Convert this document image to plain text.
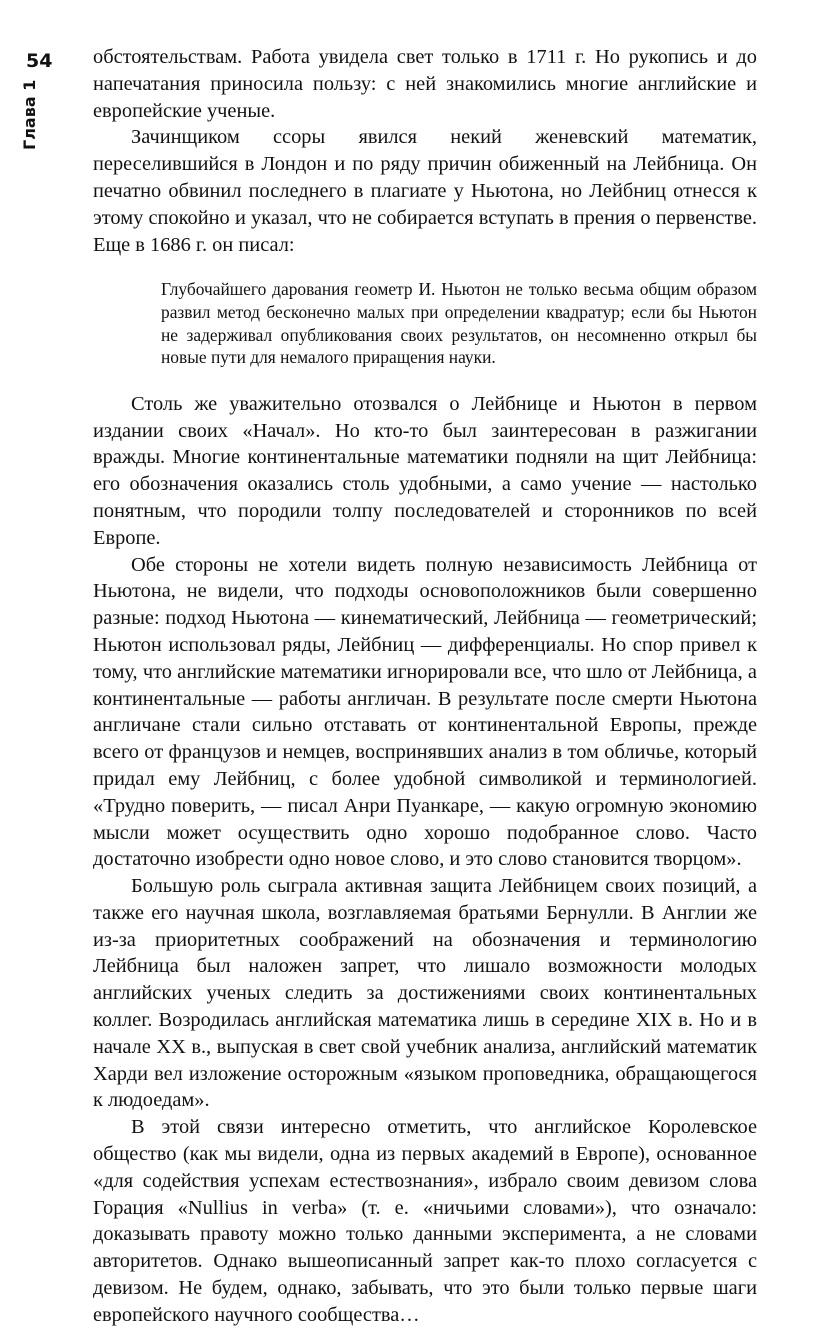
54
Глава 1

обстоятельствам. Работа увидела свет только в 1711 г. Но рукопись и до напечатания приносила пользу: с ней знакомились многие английские и европейские ученые.

Зачинщиком ссоры явился некий женевский математик, переселившийся в Лондон и по ряду причин обиженный на Лейбница. Он печатно обвинил последнего в плагиате у Ньютона, но Лейбниц отнесся к этому спокойно и указал, что не собирается вступать в прения о первенстве. Еще в 1686 г. он писал:

Глубочайшего дарования геометр И. Ньютон не только весьма общим образом развил метод бесконечно малых при определении квадратур; если бы Ньютон не задерживал опубликования своих результатов, он несомненно открыл бы новые пути для немалого приращения науки.

Столь же уважительно отозвался о Лейбнице и Ньютон в первом издании своих «Начал». Но кто-то был заинтересован в разжигании вражды. Многие континентальные математики подняли на щит Лейбница: его обозначения оказались столь удобными, а само учение — настолько понятным, что породили толпу последователей и сторонников по всей Европе.

Обе стороны не хотели видеть полную независимость Лейбница от Ньютона, не видели, что подходы основоположников были совершенно разные: подход Ньютона — кинематический, Лейбница — геометрический; Ньютон использовал ряды, Лейбниц — дифференциалы. Но спор привел к тому, что английские математики игнорировали все, что шло от Лейбница, а континентальные — работы англичан. В результате после смерти Ньютона англичане стали сильно отставать от континентальной Европы, прежде всего от французов и немцев, воспринявших анализ в том обличье, который придал ему Лейбниц, с более удобной символикой и терминологией. «Трудно поверить, — писал Анри Пуанкаре, — какую огромную экономию мысли может осуществить одно хорошо подобранное слово. Часто достаточно изобрести одно новое слово, и это слово становится творцом».

Большую роль сыграла активная защита Лейбницем своих позиций, а также его научная школа, возглавляемая братьями Бернулли. В Англии же из-за приоритетных соображений на обозначения и терминологию Лейбница был наложен запрет, что лишало возможности молодых английских ученых следить за достижениями своих континентальных коллег. Возродилась английская математика лишь в середине XIX в. Но и в начале XX в., выпуская в свет свой учебник анализа, английский математик Харди вел изложение осторожным «языком проповедника, обращающегося к людоедам».

В этой связи интересно отметить, что английское Королевское общество (как мы видели, одна из первых академий в Европе), основанное «для содействия успехам естествознания», избрало своим девизом слова Горация «Nullius in verba» (т. е. «ничьими словами»), что означало: доказывать правоту можно только данными эксперимента, а не словами авторитетов. Однако вышеописанный запрет как-то плохо согласуется с девизом. Не будем, однако, забывать, что это были только первые шаги европейского научного сообщества…
